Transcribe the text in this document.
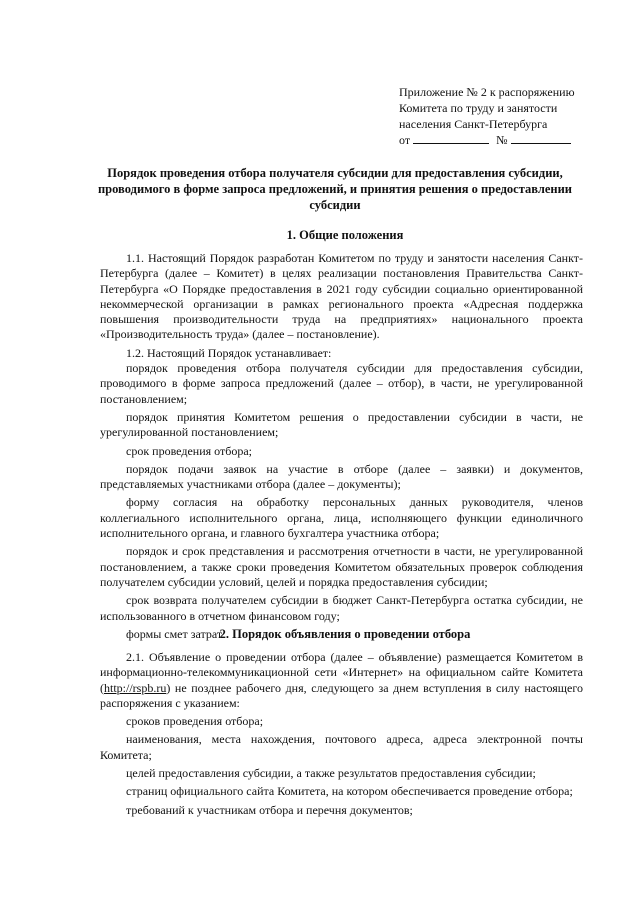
Приложение № 2 к распоряжению
Комитета по труду и занятости
населения Санкт-Петербурга
от	№
Порядок проведения отбора получателя субсидии для предоставления субсидии,
проводимого в форме запроса предложений, и принятия решения о предоставлении
субсидии
1. Общие положения

1.1. Настоящий Порядок разработан Комитетом по труду и занятости населения Санкт-Петербурга (далее – Комитет) в целях реализации постановления Правительства Санкт-Петербурга «О Порядке предоставления в 2021 году субсидии социально ориентированной некоммерческой организации в рамках регионального проекта «Адресная поддержка повышения производительности труда на предприятиях» национального проекта «Производительность труда» (далее – постановление).

1.2. Настоящий Порядок устанавливает:

порядок проведения отбора получателя субсидии для предоставления субсидии, проводимого в форме запроса предложений (далее – отбор), в части, не урегулированной постановлением;

порядок принятия Комитетом решения о предоставлении субсидии в части, не урегулированной постановлением;

срок проведения отбора;

порядок подачи заявок на участие в отборе (далее – заявки) и документов, представляемых участниками отбора (далее – документы);

форму согласия на обработку персональных данных руководителя, членов коллегиального исполнительного органа, лица, исполняющего функции единоличного исполнительного органа, и главного бухгалтера участника отбора;

порядок и срок представления и рассмотрения отчетности в части, не урегулированной постановлением, а также сроки проведения Комитетом обязательных проверок соблюдения получателем субсидии условий, целей и порядка предоставления субсидии;

срок возврата получателем субсидии в бюджет Санкт-Петербурга остатка субсидии, не использованного в отчетном финансовом году;

формы смет затрат.

2. Порядок объявления о проведении отбора

2.1. Объявление о проведении отбора (далее – объявление) размещается Комитетом в информационно-телекоммуникационной сети «Интернет» на официальном сайте Комитета (http://rspb.ru) не позднее рабочего дня, следующего за днем вступления в силу настоящего распоряжения с указанием:

сроков проведения отбора;

наименования, места нахождения, почтового адреса, адреса электронной почты Комитета;

целей предоставления субсидии, а также результатов предоставления субсидии;

страниц официального сайта Комитета, на котором обеспечивается проведение отбора;

требований к участникам отбора и перечня документов;
